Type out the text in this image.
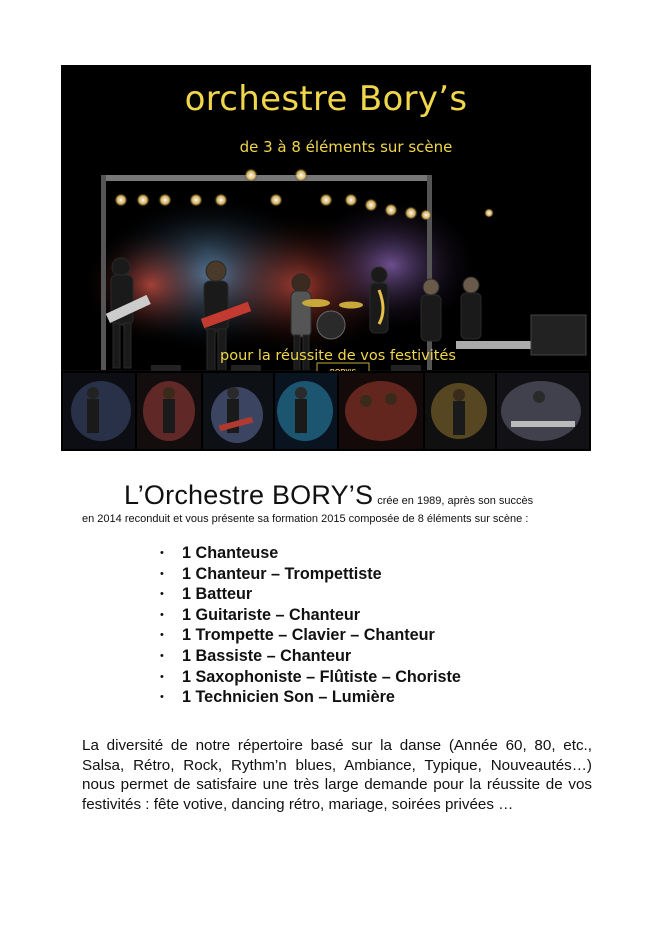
orchestre Bory’s
de 3 à 8 éléments sur scène
pour la réussite de vos festivités
L’Orchestre BORY’S crée en 1989, après son succès
en 2014 reconduit et vous présente sa formation 2015 composée de 8 éléments sur scène :
•	1 Chanteuse
•	1 Chanteur – Trompettiste
•	1 Batteur
•	1 Guitariste – Chanteur
•	1 Trompette – Clavier – Chanteur
•	1 Bassiste – Chanteur
•	1 Saxophoniste – Flûtiste – Choriste
•	1 Technicien Son – Lumière

La diversité de notre répertoire basé sur la danse (Année 60, 80, etc., Salsa, Rétro, Rock, Rythm’n blues, Ambiance, Typique, Nouveautés…) nous permet de satisfaire une très large demande pour la réussite de vos festivités : fête votive, dancing rétro, mariage, soirées privées …
